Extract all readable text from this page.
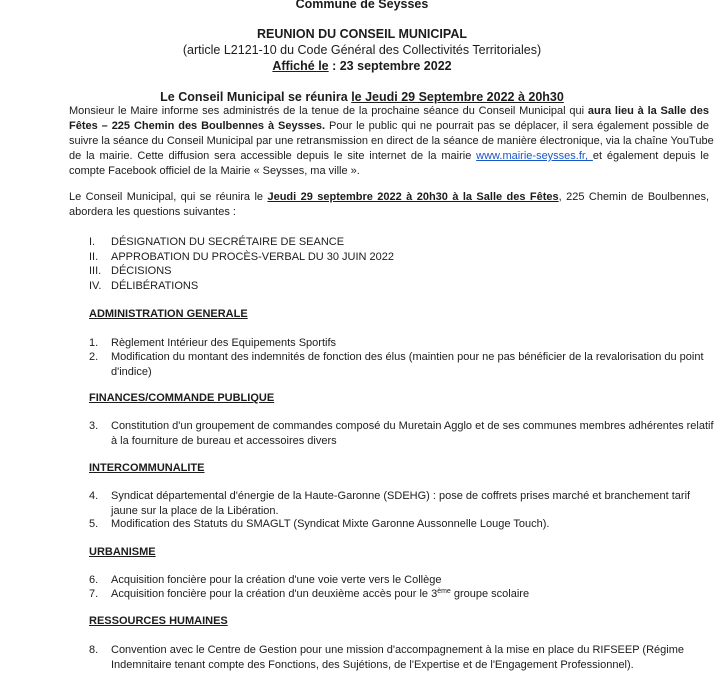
Commune de Seysses
REUNION DU CONSEIL MUNICIPAL
(article L2121-10 du Code Général des Collectivités Territoriales)
Affiché le : 23 septembre 2022
Le Conseil Municipal se réunira le Jeudi 29 Septembre 2022 à 20h30
Monsieur le Maire informe ses administrés de la tenue de la prochaine séance du Conseil Municipal qui aura lieu à la Salle des
Fêtes – 225 Chemin des Boulbennes à Seysses. Pour le public qui ne pourrait pas se déplacer, il sera également possible de
suivre la séance du Conseil Municipal par une retransmission en direct de la séance de manière électronique, via la chaîne YouTube
de la mairie. Cette diffusion sera accessible depuis le site internet de la mairie www.mairie-seysses.fr, et également depuis le
compte Facebook officiel de la Mairie « Seysses, ma ville ».
Le Conseil Municipal, qui se réunira le Jeudi 29 septembre 2022 à 20h30 à la Salle des Fêtes, 225 Chemin de Boulbennes,
abordera les questions suivantes :
I.	DÉSIGNATION DU SECRÉTAIRE DE SEANCE
II.	APPROBATION DU PROCÈS-VERBAL DU 30 JUIN 2022
III. DÉCISIONS
IV. DÉLIBÉRATIONS
ADMINISTRATION GENERALE
1.	Règlement Intérieur des Equipements Sportifs
2.	Modification du montant des indemnités de fonction des élus (maintien pour ne pas bénéficier de la revalorisation du point
d'indice)
FINANCES/COMMANDE PUBLIQUE
3.	Constitution d'un groupement de commandes composé du Muretain Agglo et de ses communes membres adhérentes relatif
à la fourniture de bureau et accessoires divers
INTERCOMMUNALITE
4.	Syndicat départemental d'énergie de la Haute-Garonne (SDEHG) : pose de coffrets prises marché et branchement tarif
jaune sur la place de la Libération.
5.	Modification des Statuts du SMAGLT (Syndicat Mixte Garonne Aussonnelle Louge Touch).
URBANISME
6.	Acquisition foncière pour la création d'une voie verte vers le Collège
7.	Acquisition foncière pour la création d'un deuxième accès pour le 3ème groupe scolaire
RESSOURCES HUMAINES
8.	Convention avec le Centre de Gestion pour une mission d'accompagnement à la mise en place du RIFSEEP (Régime
Indemnitaire tenant compte des Fonctions, des Sujétions, de l'Expertise et de l'Engagement Professionnel).
